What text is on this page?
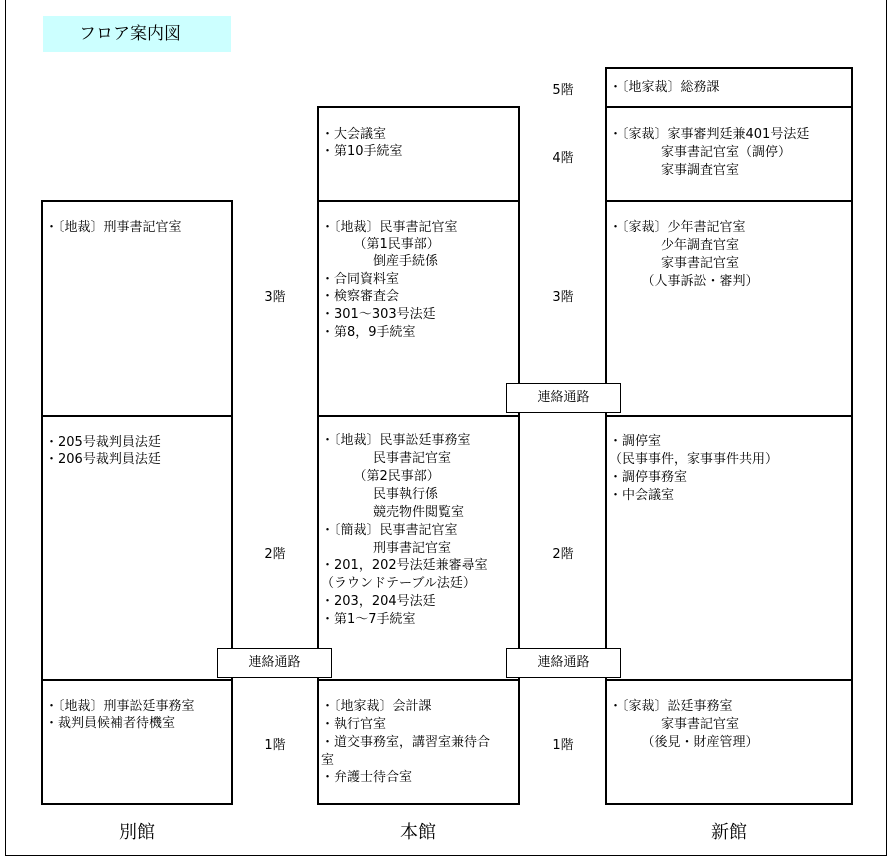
フロア案内図
・〔地裁〕刑事書記官室
・205号裁判員法廷
・206号裁判員法廷
・〔地裁〕刑事訟廷事務室
・裁判員候補者待機室
・大会議室
・第10手続室
・〔地裁〕民事書記官室
　　　（第1民事部）
　　　　倒産手続係
・合同資料室
・検察審査会
・301～303号法廷
・第8，9手続室
・〔地裁〕民事訟廷事務室
　　　　民事書記官室
　　　（第2民事部）
　　　　民事執行係
　　　　競売物件閲覧室
・〔簡裁〕民事書記官室
　　　　刑事書記官室
・201，202号法廷兼審尋室
（ラウンドテーブル法廷）
・203，204号法廷
・第1～7手続室
・〔地家裁〕会計課
・執行官室
・道交事務室，講習室兼待合
室
・弁護士待合室
・〔地家裁〕総務課
・〔家裁〕家事審判廷兼401号法廷
　　　　家事書記官室（調停）
　　　　家事調査官室
・〔家裁〕少年書記官室
　　　　少年調査官室
　　　　家事書記官室
　　　（人事訴訟・審判）
・調停室
（民事事件，家事事件共用）
・調停事務室
・中会議室
・〔家裁〕訟廷事務室
　　　　家事書記官室
　　　（後見・財産管理）
3階
2階
1階
5階
4階
3階
2階
1階
連絡通路
連絡通路	連絡通路
別館	本館	新館
